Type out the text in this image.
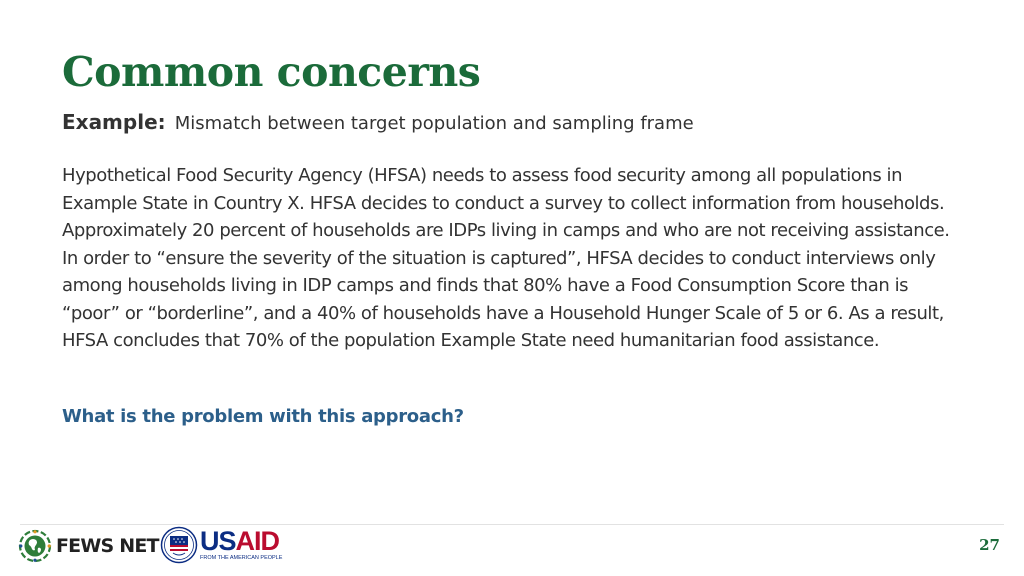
Common concerns
Example: Mismatch between target population and sampling frame

Hypothetical Food Security Agency (HFSA) needs to assess food security among all populations in Example State in Country X. HFSA decides to conduct a survey to collect information from households. Approximately 20 percent of households are IDPs living in camps and who are not receiving assistance. In order to “ensure the severity of the situation is captured”, HFSA decides to conduct interviews only among households living in IDP camps and finds that 80% have a Food Consumption Score than is “poor” or “borderline”, and a 40% of households have a Household Hunger Scale of 5 or 6. As a result, HFSA concludes that 70% of the population Example State need humanitarian food assistance.

What is the problem with this approach?

FEWS NET USAID
FROM THE AMERICAN PEOPLE
27
